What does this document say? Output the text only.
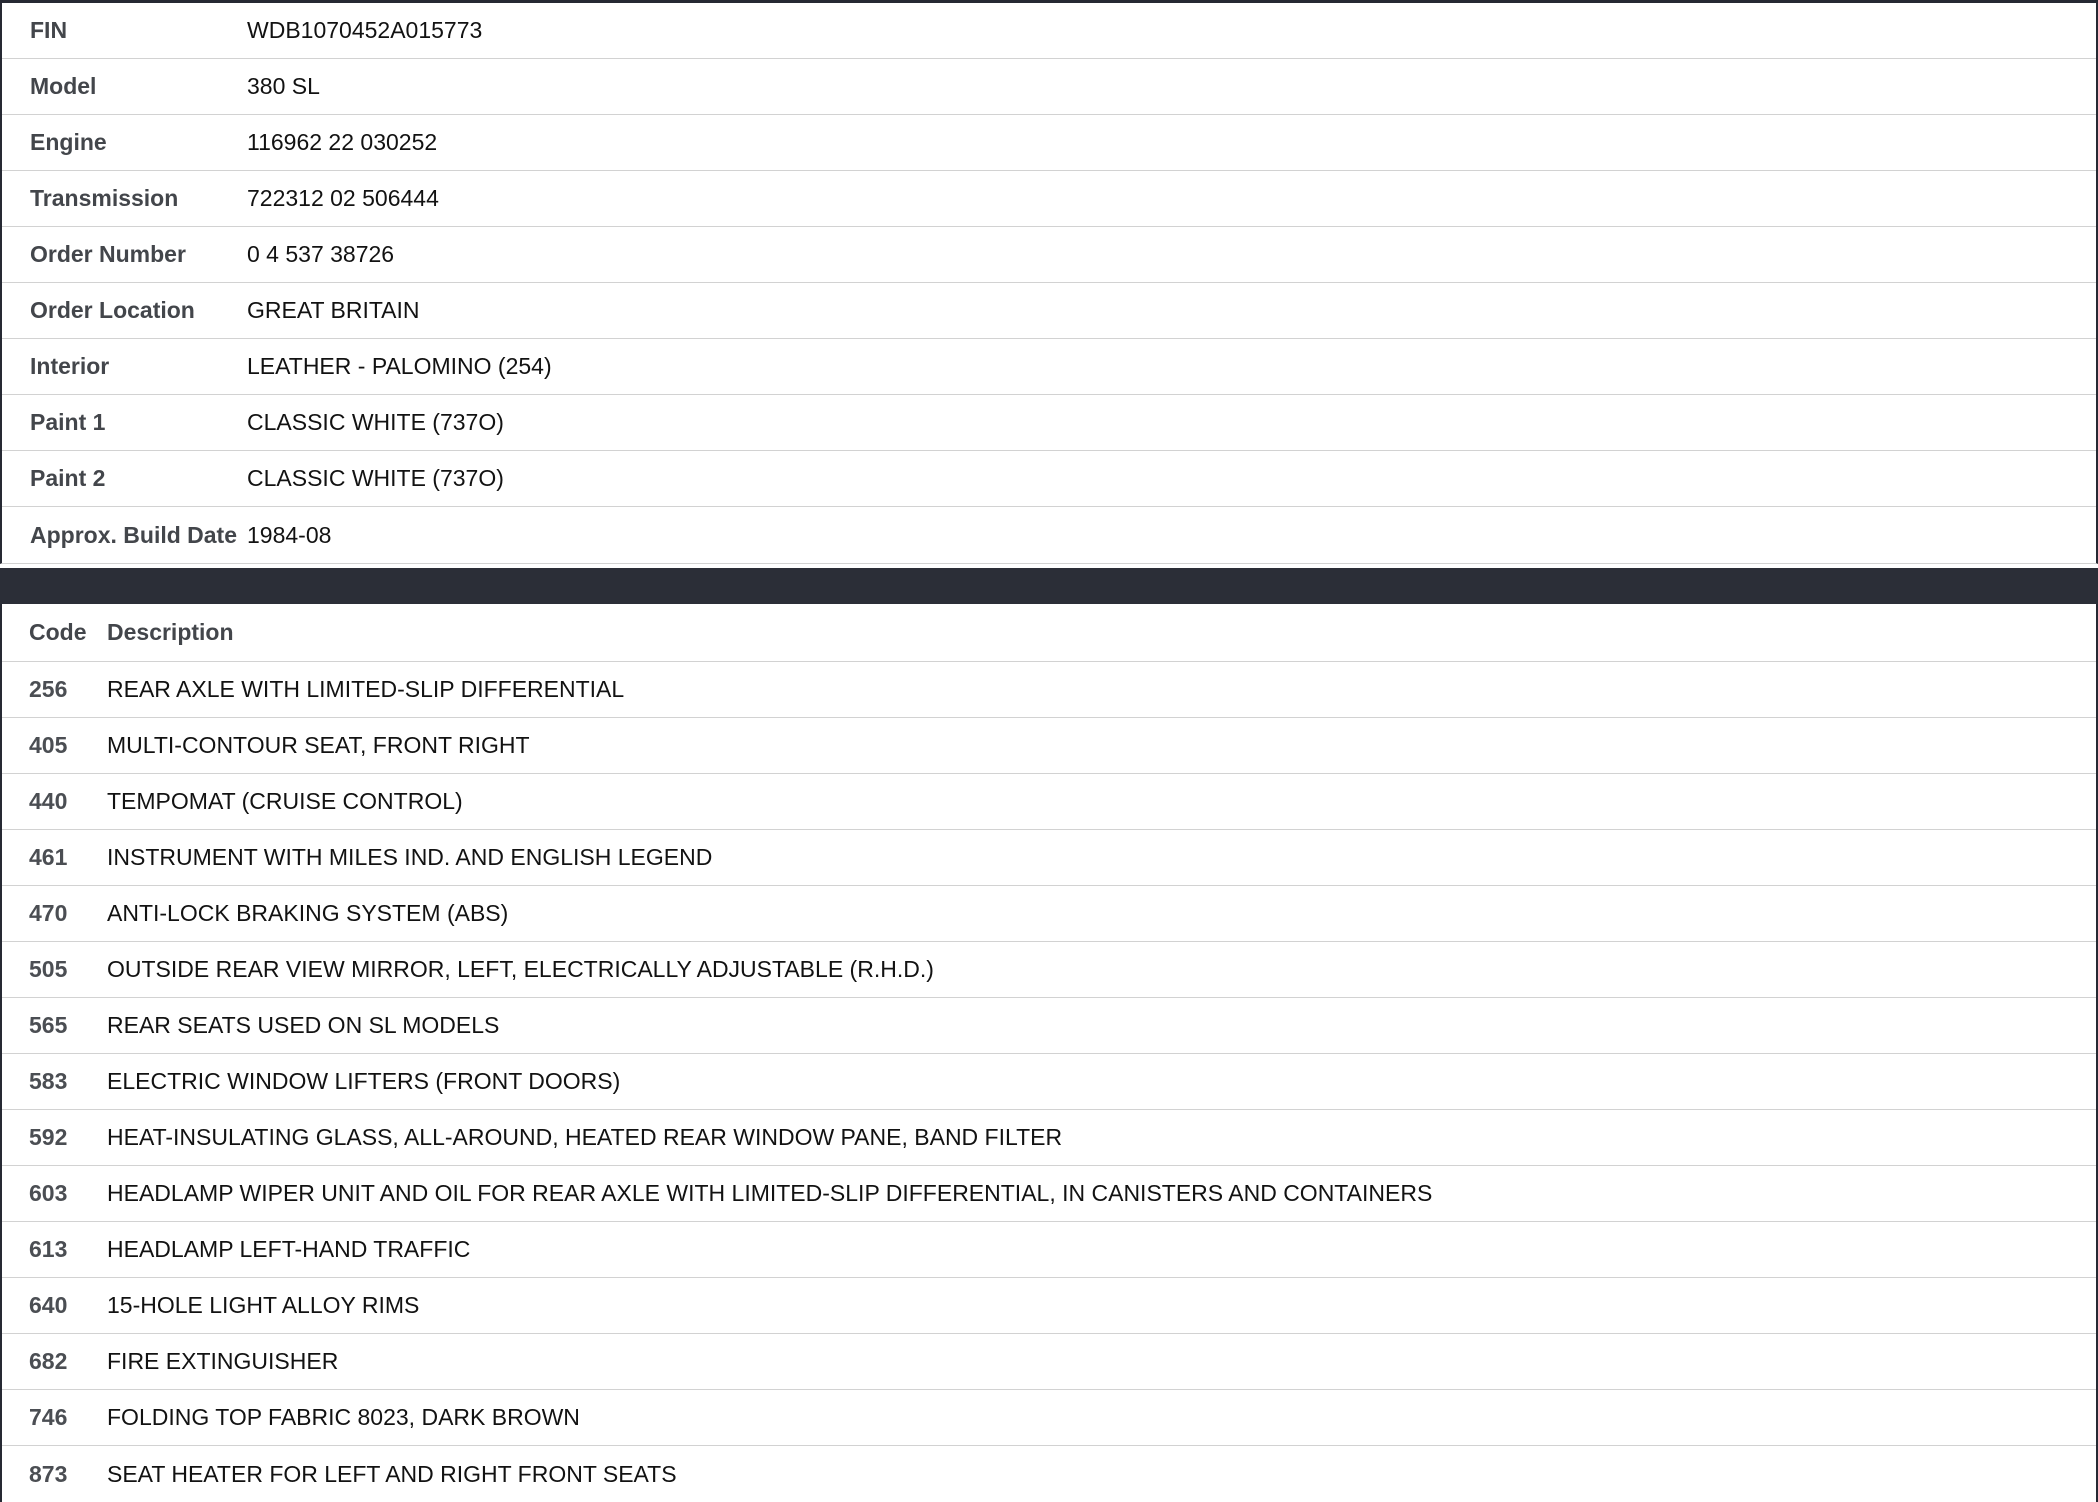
FIN	WDB1070452A015773
Model	380 SL
Engine	116962 22 030252
Transmission	722312 02 506444
Order Number	0 4 537 38726
Order Location	GREAT BRITAIN
Interior	LEATHER - PALOMINO (254)
Paint 1	CLASSIC WHITE (737O)
Paint 2	CLASSIC WHITE (737O)
Approx. Build Date 1984-08
Code Description
256	REAR AXLE WITH LIMITED-SLIP DIFFERENTIAL
405	MULTI-CONTOUR SEAT, FRONT RIGHT
440	TEMPOMAT (CRUISE CONTROL)
461	INSTRUMENT WITH MILES IND. AND ENGLISH LEGEND
470	ANTI-LOCK BRAKING SYSTEM (ABS)
505	OUTSIDE REAR VIEW MIRROR, LEFT, ELECTRICALLY ADJUSTABLE (R.H.D.)
565	REAR SEATS USED ON SL MODELS
583	ELECTRIC WINDOW LIFTERS (FRONT DOORS)
592	HEAT-INSULATING GLASS, ALL-AROUND, HEATED REAR WINDOW PANE, BAND FILTER
603	HEADLAMP WIPER UNIT AND OIL FOR REAR AXLE WITH LIMITED-SLIP DIFFERENTIAL, IN CANISTERS AND CONTAINERS
613	HEADLAMP LEFT-HAND TRAFFIC
640	15-HOLE LIGHT ALLOY RIMS
682	FIRE EXTINGUISHER
746	FOLDING TOP FABRIC 8023, DARK BROWN
873	SEAT HEATER FOR LEFT AND RIGHT FRONT SEATS
